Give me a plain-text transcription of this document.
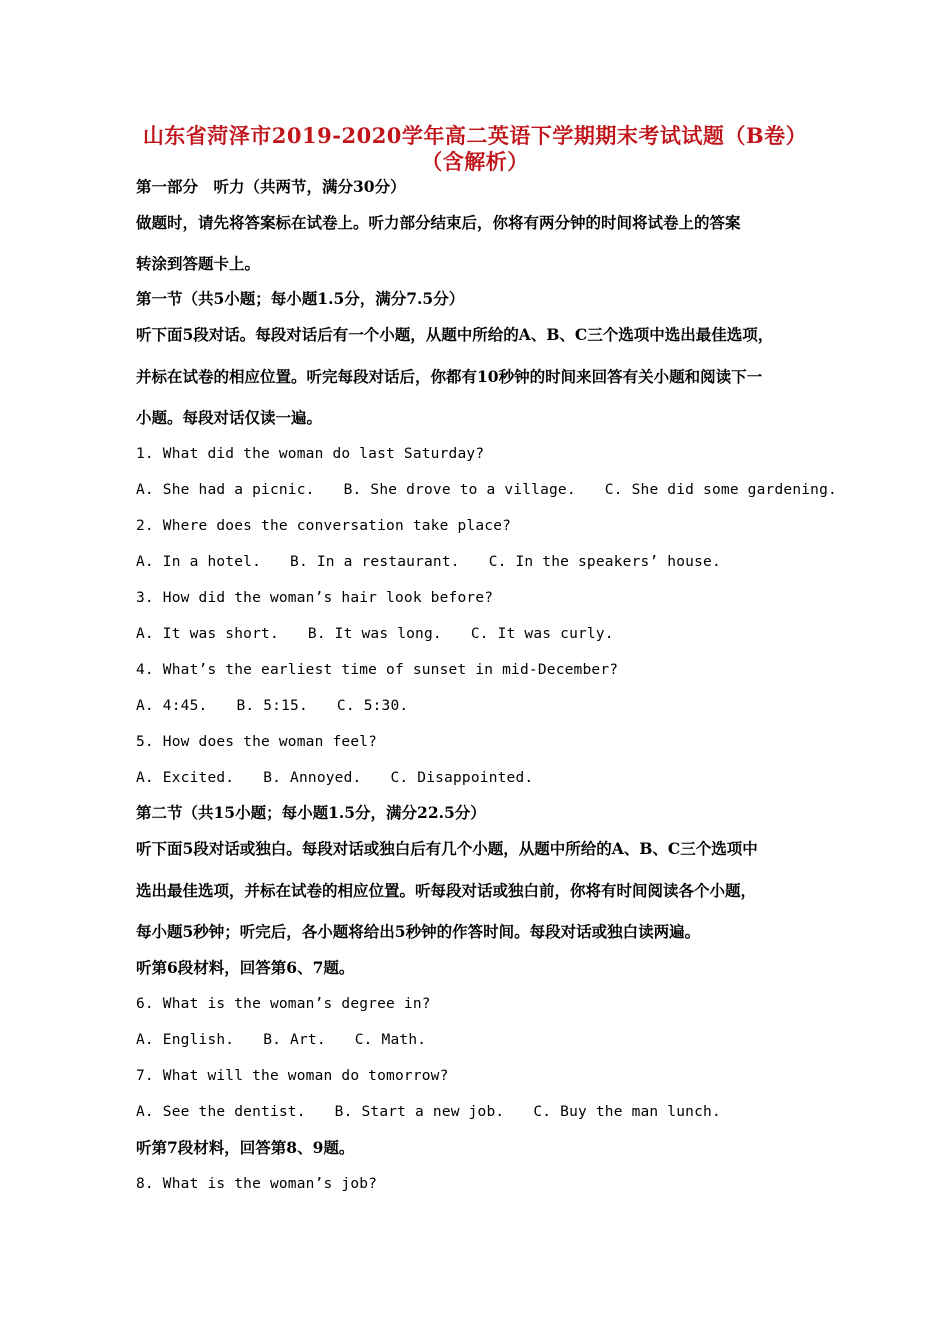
山东省菏泽市2019-2020学年高二英语下学期期末考试试题（B卷）
（含解析）
第一部分　听力（共两节，满分30分）
做题时，请先将答案标在试卷上。听力部分结束后，你将有两分钟的时间将试卷上的答案
转涂到答题卡上。
第一节（共5小题；每小题1.5分，满分7.5分）
听下面5段对话。每段对话后有一个小题，从题中所给的A、B、C三个选项中选出最佳选项，
并标在试卷的相应位置。听完每段对话后，你都有10秒钟的时间来回答有关小题和阅读下一
小题。每段对话仅读一遍。
1. What did the woman do last Saturday?
A. She had a picnic. B. She drove to a village. C. She did some gardening.
2. Where does the conversation take place?
A. In a hotel. B. In a restaurant. C. In the speakers’ house.
3. How did the woman’s hair look before?
A. It was short. B. It was long. C. It was curly.
4. What’s the earliest time of sunset in mid-December?
A. 4:45. B. 5:15. C. 5:30.
5. How does the woman feel?
A. Excited. B. Annoyed. C. Disappointed.
第二节（共15小题；每小题1.5分，满分22.5分）
听下面5段对话或独白。每段对话或独白后有几个小题，从题中所给的A、B、C三个选项中
选出最佳选项，并标在试卷的相应位置。听每段对话或独白前，你将有时间阅读各个小题，
每小题5秒钟；听完后，各小题将给出5秒钟的作答时间。每段对话或独白读两遍。
听第6段材料，回答第6、7题。
6. What is the woman’s degree in?
A. English. B. Art. C. Math.
7. What will the woman do tomorrow?
A. See the dentist. B. Start a new job. C. Buy the man lunch.
听第7段材料，回答第8、9题。
8. What is the woman’s job?
